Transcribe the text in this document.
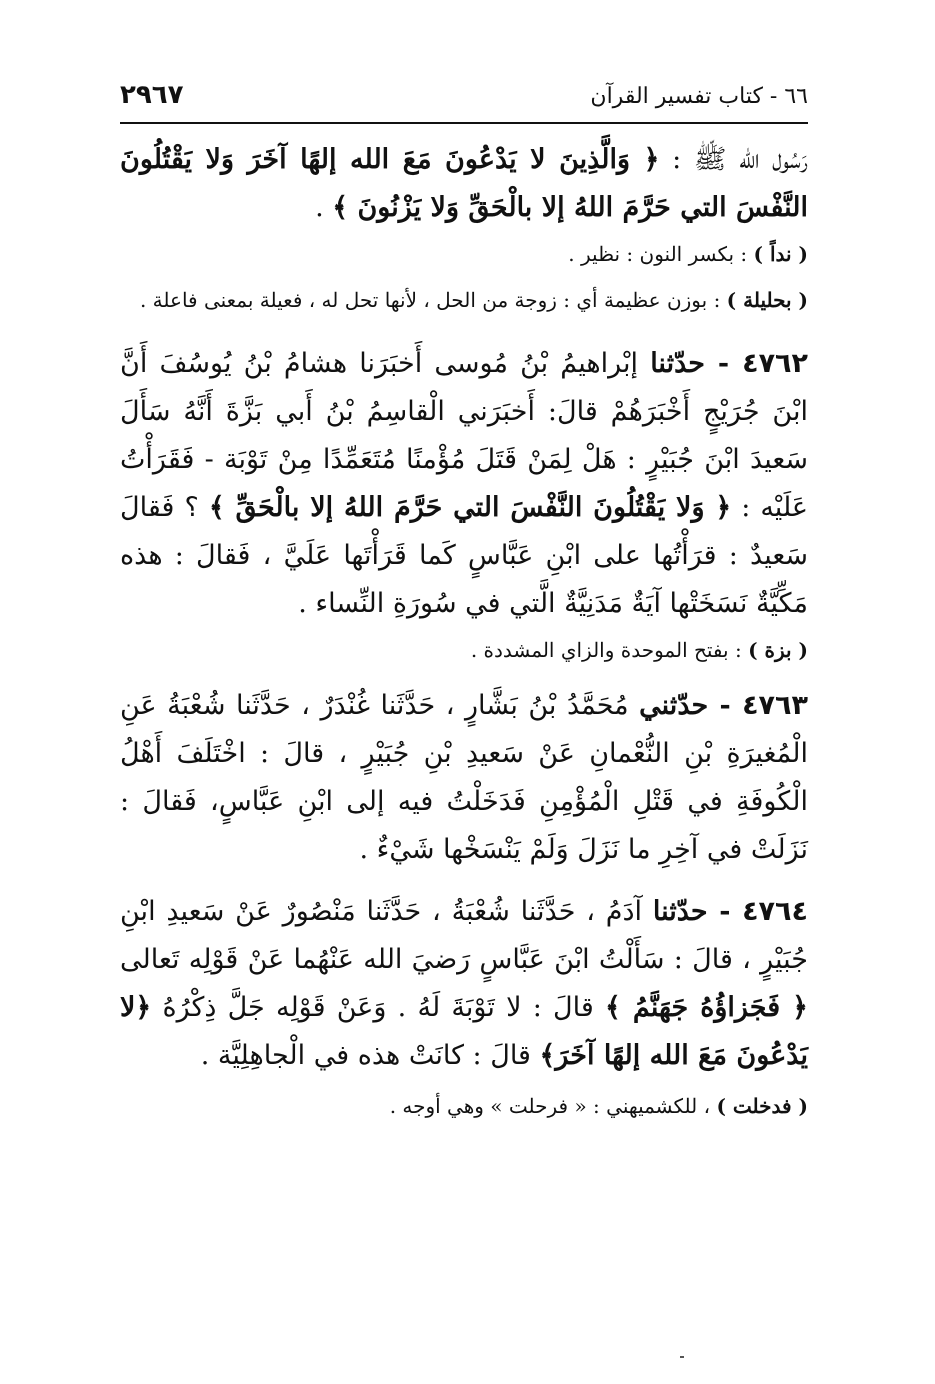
٢٩٦٧	٦٦ - كتاب تفسير القرآن

رَسُول الله ﷺ : ﴿ وَالَّذِينَ لا يَدْعُونَ مَعَ الله إلهًا آخَرَ وَلا يَقْتُلُونَ النَّفْسَ التي حَرَّمَ اللهُ إلا بالْحَقِّ وَلا يَزْنُونَ ﴾ .

( نداً ) : بكسر النون : نظير .

( بحليلة ) : بوزن عظيمة أي : زوجة من الحل ، لأنها تحل له ، فعيلة بمعنى فاعلة .

٤٧٦٢ - حدّثنا إبْراهيمُ بْنُ مُوسى أَخبَرَنا هشامُ بْنُ يُوسُفَ أَنَّ ابْنَ جُرَيْجٍ أَخْبَرَهُمْ قالَ: أَخبَرَني الْقاسِمُ بْنُ أَبي بَزَّةَ أَنَّهُ سَأَلَ سَعيدَ ابْنَ جُبَيْرٍ : هَلْ لِمَنْ قَتَلَ مُؤْمنًا مُتَعَمِّدًا مِنْ تَوْبَة - فَقَرَأْتُ عَلَيْه : ﴿ وَلا يَقْتُلُونَ النَّفْسَ التي حَرَّمَ اللهُ إلا بالْحَقِّ ﴾ ؟ فَقالَ سَعيدٌ : قرَأْتُها على ابْنِ عَبَّاسٍ كَما قَرَأْتَها عَلَيَّ ، فَقالَ : هذه مَكِّيَّةٌ نَسَخَتْها آيَةٌ مَدَنِيَّةٌ الَّتي في سُورَةِ النِّساء .

( بزة ) : بفتح الموحدة والزاي المشددة .

٤٧٦٣ - حدّثني مُحَمَّدُ بْنُ بَشَّارٍ ، حَدَّثَنا غُنْدَرٌ ، حَدَّثَنا شُعْبَةُ عَنِ الْمُغيرَةِ بْنِ النُّعْمانِ عَنْ سَعيدِ بْنِ جُبَيْرٍ ، قالَ : اخْتَلَفَ أَهْلُ الْكُوفَةِ في قَتْلِ الْمُؤْمِنِ فَدَخَلْتُ فيه إلى ابْنِ عَبَّاسٍ، فَقالَ : نَزَلَتْ في آخِرِ ما نَزَلَ وَلَمْ يَنْسَخْها شَيْءٌ .

٤٧٦٤ - حدّثنا آدَمُ ، حَدَّثَنا شُعْبَةُ ، حَدَّثَنا مَنْصُورٌ عَنْ سَعيدِ ابْنِ جُبَيْرٍ ، قالَ : سَأَلْتُ ابْنَ عَبَّاسٍ رَضيَ الله عَنْهُما عَنْ قَوْلِه تَعالى ﴿ فَجَزاؤُهُ جَهَنَّمُ ﴾ قالَ : لا تَوْبَةَ لَهُ . وَعَنْ قَوْلِه جَلَّ ذِكْرُهُ ﴿لا يَدْعُونَ مَعَ الله إلهًا آخَرَ﴾ قالَ : كانَتْ هذه في الْجاهِلِيَّة .

( فدخلت ) ، للكشميهني : « فرحلت » وهي أوجه .
